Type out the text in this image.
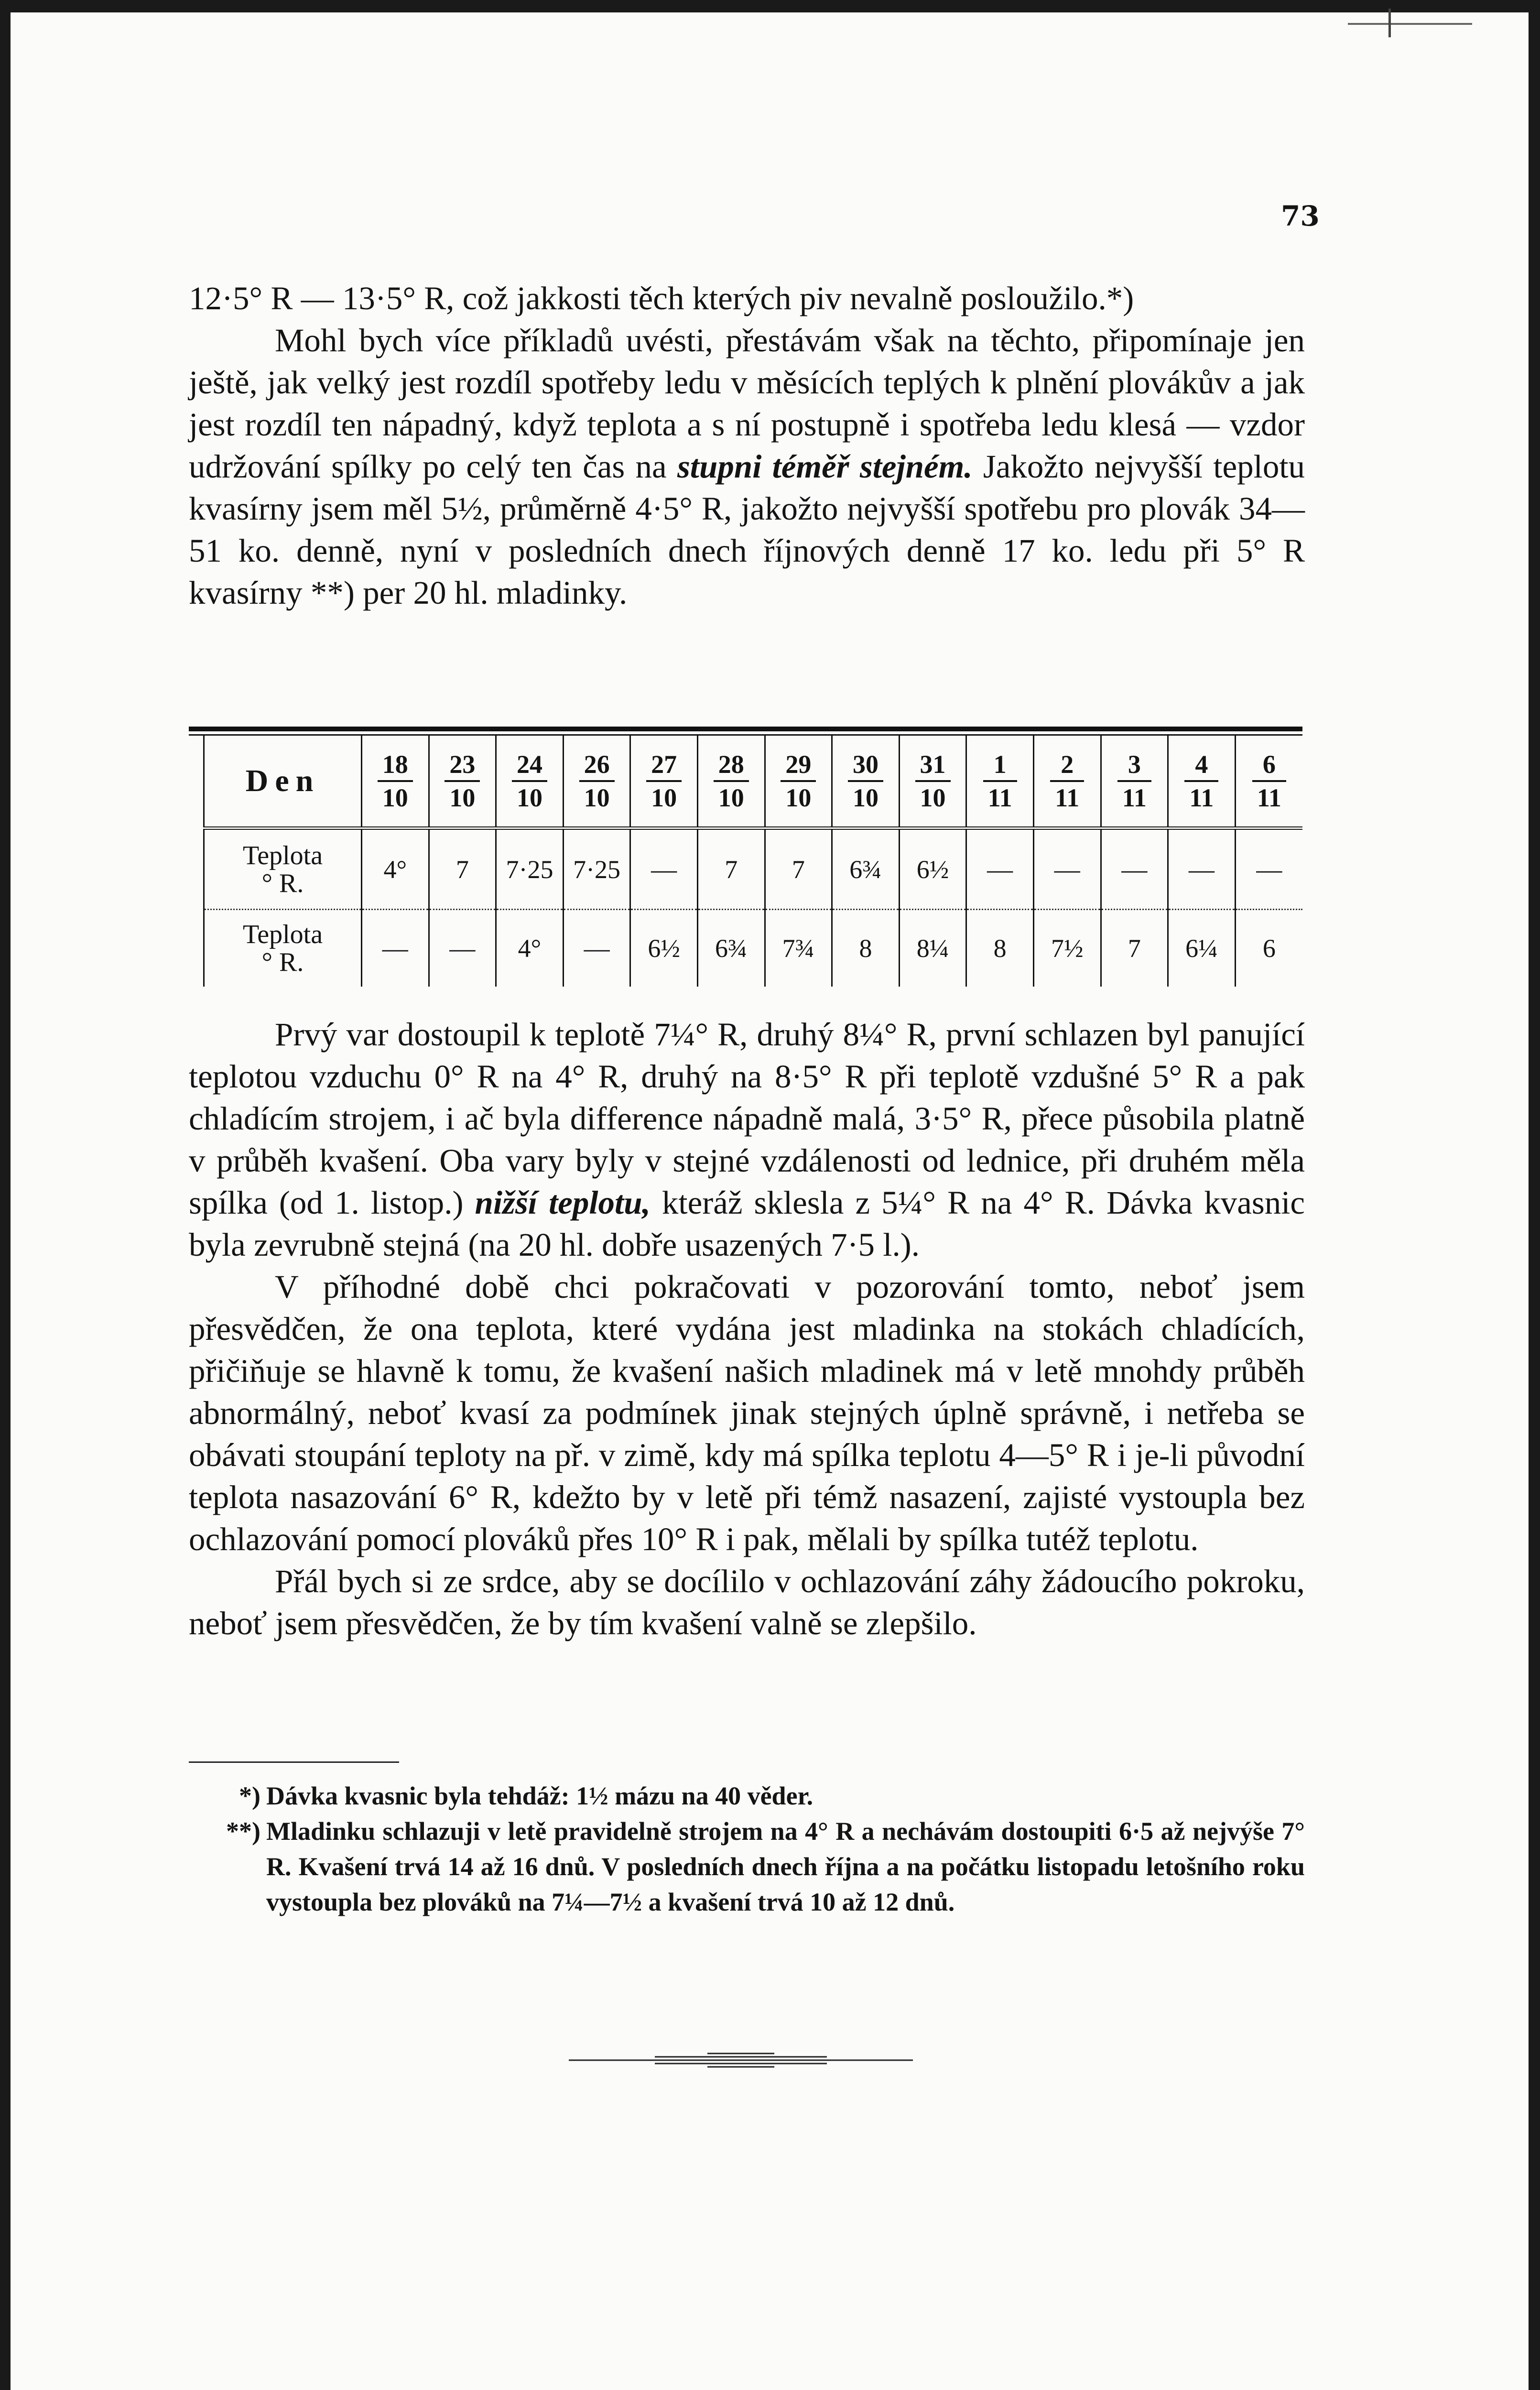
73

12·5° R — 13·5° R, což jakkosti těch kterých piv nevalně posloužilo.*)

Mohl bych více příkladů uvésti, přestávám však na těchto, připomínaje jen ještě, jak velký jest rozdíl spotřeby ledu v měsících teplých k plnění plovákův a jak jest rozdíl ten nápadný, když teplota a s ní postupně i spotřeba ledu klesá — vzdor udržování spílky po celý ten čas na stupni téměř stejném. Jakožto nejvyšší teplotu kvasírny jsem měl 5½, průměrně 4·5° R, jakožto nejvyšší spotřebu pro plovák 34—51 ko. denně, nyní v posledních dnech říjnových denně 17 ko. ledu při 5° R kvasírny **) per 20 hl. mladinky.

Den	$\frac{18}{10}$	$\frac{23}{10}$	$\frac{24}{10}$	$\frac{26}{10}$	$\frac{27}{10}$	$\frac{28}{10}$	$\frac{29}{10}$	$\frac{30}{10}$	$\frac{31}{10}$	$\frac{1}{11}$	$\frac{2}{11}$	$\frac{3}{11}$	$\frac{4}{11}$	$\frac{6}{11}$

Teplota
° R.	4°	7	7·25	7·25	—	7	7	6¾	6½	—	—	—	—	—
Teplota
° R.	—	—	4°	—	6½	6¾	7¾	8	8¼	8	7½	7	6¼	6

Prvý var dostoupil k teplotě 7¼° R, druhý 8¼° R, první schlazen byl panující teplotou vzduchu 0° R na 4° R, druhý na 8·5° R při teplotě vzdušné 5° R a pak chladícím strojem, i ač byla difference nápadně malá, 3·5° R, přece působila platně v průběh kvašení. Oba vary byly v stejné vzdálenosti od lednice, při druhém měla spílka (od 1. listop.) nižší teplotu, kteráž sklesla z 5¼° R na 4° R. Dávka kvasnic byla zevrubně stejná (na 20 hl. dobře usazených 7·5 l.).

V příhodné době chci pokračovati v pozorování tomto, neboť jsem přesvědčen, že ona teplota, které vydána jest mladinka na stokách chladících, přičiňuje se hlavně k tomu, že kvašení našich mladinek má v letě mnohdy průběh abnormálný, neboť kvasí za podmínek jinak stejných úplně správně, i netřeba se obávati stoupání teploty na př. v zimě, kdy má spílka teplotu 4—5° R i je-li původní teplota nasazování 6° R, kdežto by v letě při témž nasazení, zajisté vystoupla bez ochlazování pomocí plováků přes 10° R i pak, mělali by spílka tutéž teplotu.

Přál bych si ze srdce, aby se docílilo v ochlazování záhy žádoucího pokroku, neboť jsem přesvědčen, že by tím kvašení valně se zlepšilo.

*) Dávka kvasnic byla tehdáž: 1½ mázu na 40 věder.

**) Mladinku schlazuji v letě pravidelně strojem na 4° R a nechávám dostoupiti 6·5 až nejvýše 7° R. Kvašení trvá 14 až 16 dnů. V posledních dnech října a na počátku listopadu letošního roku vystoupla bez plováků na 7¼—7½ a kvašení trvá 10 až 12 dnů.
